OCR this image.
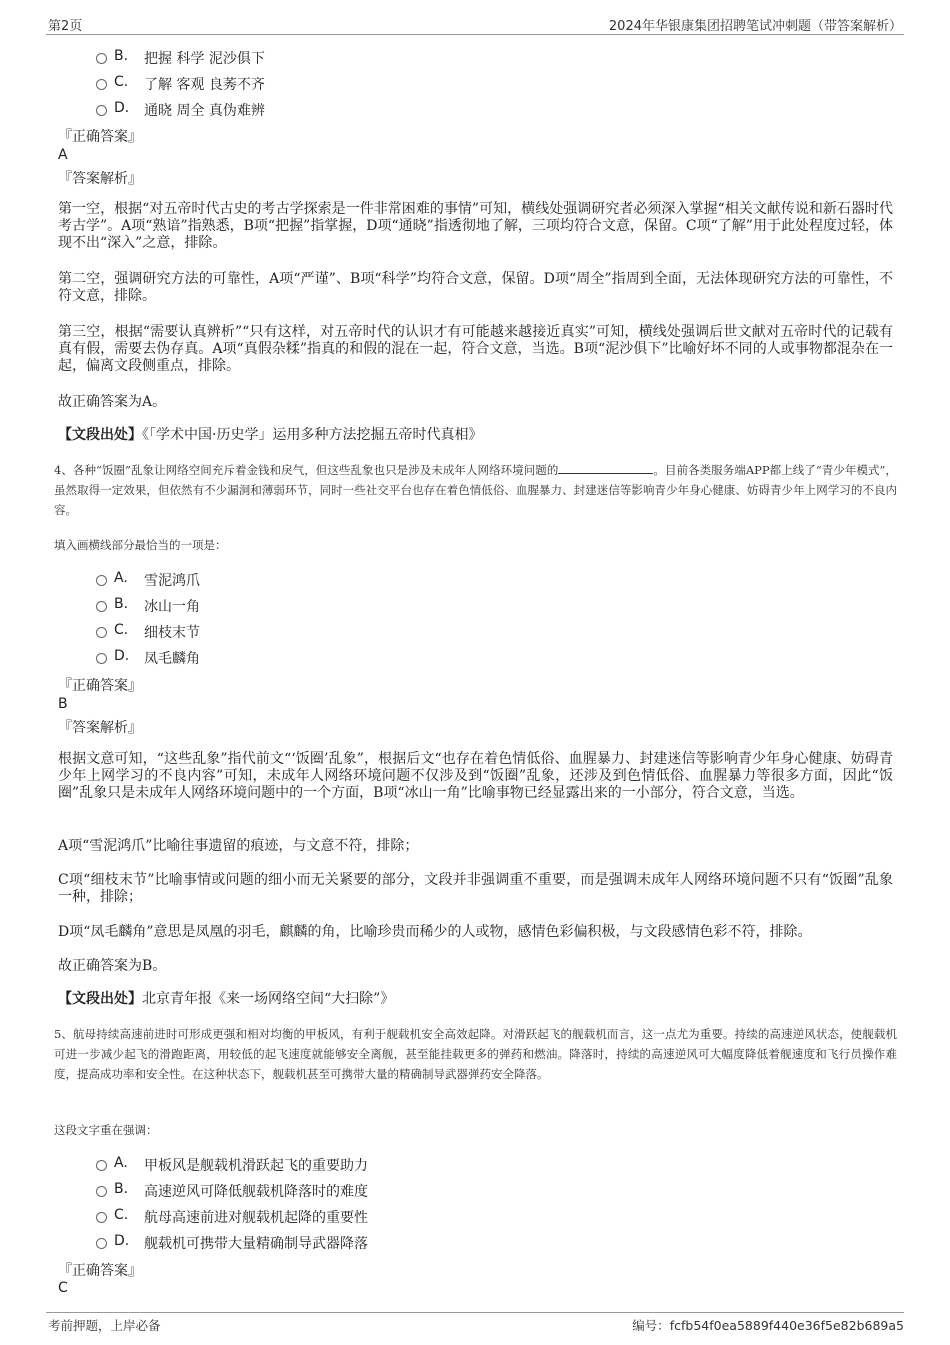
第2页	2024年华银康集团招聘笔试冲刺题（带答案解析）
B. 把握 科学 泥沙俱下
C. 了解 客观 良莠不齐
D. 通晓 周全 真伪难辨
『正确答案』
A
『答案解析』
第一空，根据“对五帝时代古史的考古学探索是一件非常困难的事情”可知，横线处强调研究者必须深入掌握“相关文献传说和新石器时代考古学”。A项“熟谙”指熟悉，B项“把握”指掌握，D项“通晓”指透彻地了解，三项均符合文意，保留。C项“了解”用于此处程度过轻，体现不出“深入”之意，排除。
第二空，强调研究方法的可靠性，A项“严谨”、B项“科学”均符合文意，保留。D项“周全”指周到全面，无法体现研究方法的可靠性，不符文意，排除。
第三空，根据“需要认真辨析”“只有这样，对五帝时代的认识才有可能越来越接近真实”可知，横线处强调后世文献对五帝时代的记载有真有假，需要去伪存真。A项“真假杂糅”指真的和假的混在一起，符合文意，当选。B项“泥沙俱下”比喻好坏不同的人或事物都混杂在一起，偏离文段侧重点，排除。
故正确答案为A。
【文段出处】《「学术中国·历史学」运用多种方法挖掘五帝时代真相》
4、各种“饭圈”乱象让网络空间充斥着金钱和戾气，但这些乱象也只是涉及未成年人网络环境问题的	。目前各类服务端APP都上线了“青少年模式”，虽然取得一定效果，但依然有不少漏洞和薄弱环节，同时一些社交平台也存在着色情低俗、血腥暴力、封建迷信等影响青少年身心健康、妨碍青少年上网学习的不良内容。
填入画横线部分最恰当的一项是：
A. 雪泥鸿爪
B. 冰山一角
C. 细枝末节
D. 凤毛麟角
『正确答案』
B
『答案解析』
根据文意可知，“这些乱象”指代前文“‘饭圈’乱象”，根据后文“也存在着色情低俗、血腥暴力、封建迷信等影响青少年身心健康、妨碍青少年上网学习的不良内容”可知，未成年人网络环境问题不仅涉及到“饭圈”乱象，还涉及到色情低俗、血腥暴力等很多方面，因此“饭圈”乱象只是未成年人网络环境问题中的一个方面，B项“冰山一角”比喻事物已经显露出来的一小部分，符合文意，当选。
A项“雪泥鸿爪”比喻往事遗留的痕迹，与文意不符，排除；
C项“细枝末节”比喻事情或问题的细小而无关紧要的部分，文段并非强调重不重要，而是强调未成年人网络环境问题不只有“饭圈”乱象一种，排除；
D项“凤毛麟角”意思是凤凰的羽毛，麒麟的角，比喻珍贵而稀少的人或物，感情色彩偏积极，与文段感情色彩不符，排除。
故正确答案为B。
【文段出处】北京青年报《来一场网络空间“大扫除”》
5、航母持续高速前进时可形成更强和相对均衡的甲板风，有利于舰载机安全高效起降。对滑跃起飞的舰载机而言，这一点尤为重要。持续的高速逆风状态，使舰载机可进一步减少起飞的滑跑距离，用较低的起飞速度就能够安全离舰，甚至能挂载更多的弹药和燃油。降落时，持续的高速逆风可大幅度降低着舰速度和飞行员操作难度，提高成功率和安全性。在这种状态下，舰载机甚至可携带大量的精确制导武器弹药安全降落。
这段文字重在强调：
A. 甲板风是舰载机滑跃起飞的重要助力
B. 高速逆风可降低舰载机降落时的难度
C. 航母高速前进对舰载机起降的重要性
D. 舰载机可携带大量精确制导武器降落
『正确答案』
C
考前押题，上岸必备	编号：fcfb54f0ea5889f440e36f5e82b689a5
